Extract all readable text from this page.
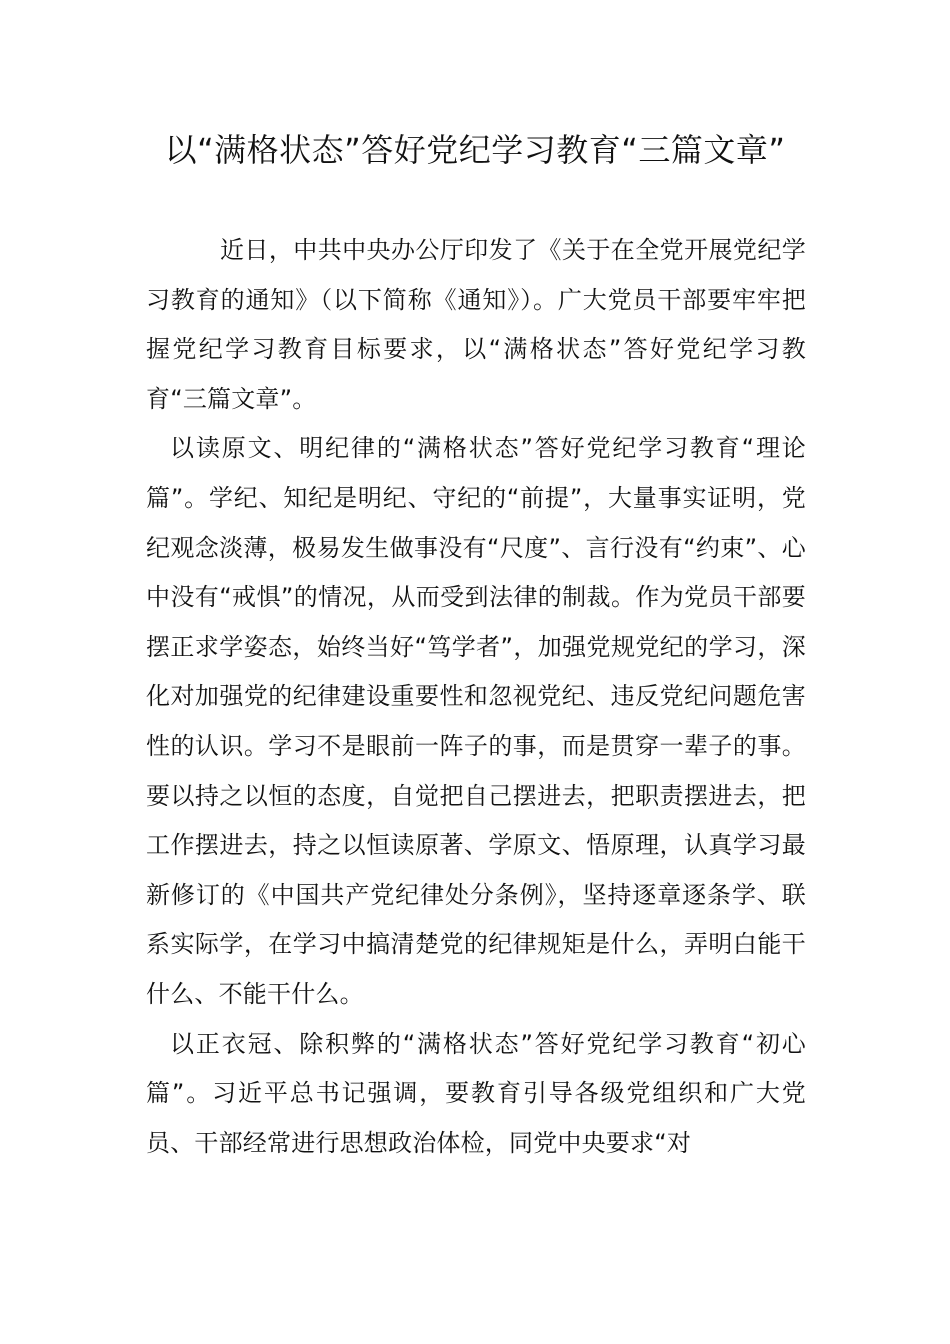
以“满格状态”答好党纪学习教育“三篇文章”

近日，中共中央办公厅印发了《关于在全党开展党纪学习教育的通知》（以下简称《通知》）。广大党员干部要牢牢把握党纪学习教育目标要求，以“满格状态”答好党纪学习教育“三篇文章”。

以读原文、明纪律的“满格状态”答好党纪学习教育“理论篇”。学纪、知纪是明纪、守纪的“前提”，大量事实证明，党纪观念淡薄，极易发生做事没有“尺度”、言行没有“约束”、心中没有“戒惧”的情况，从而受到法律的制裁。作为党员干部要摆正求学姿态，始终当好“笃学者”，加强党规党纪的学习，深化对加强党的纪律建设重要性和忽视党纪、违反党纪问题危害性的认识。学习不是眼前一阵子的事，而是贯穿一辈子的事。要以持之以恒的态度，自觉把自己摆进去，把职责摆进去，把工作摆进去，持之以恒读原著、学原文、悟原理，认真学习最新修订的《中国共产党纪律处分条例》，坚持逐章逐条学、联系实际学，在学习中搞清楚党的纪律规矩是什么，弄明白能干什么、不能干什么。

以正衣冠、除积弊的“满格状态”答好党纪学习教育“初心篇”。习近平总书记强调，要教育引导各级党组织和广大党员、干部经常进行思想政治体检，同党中央要求“对
